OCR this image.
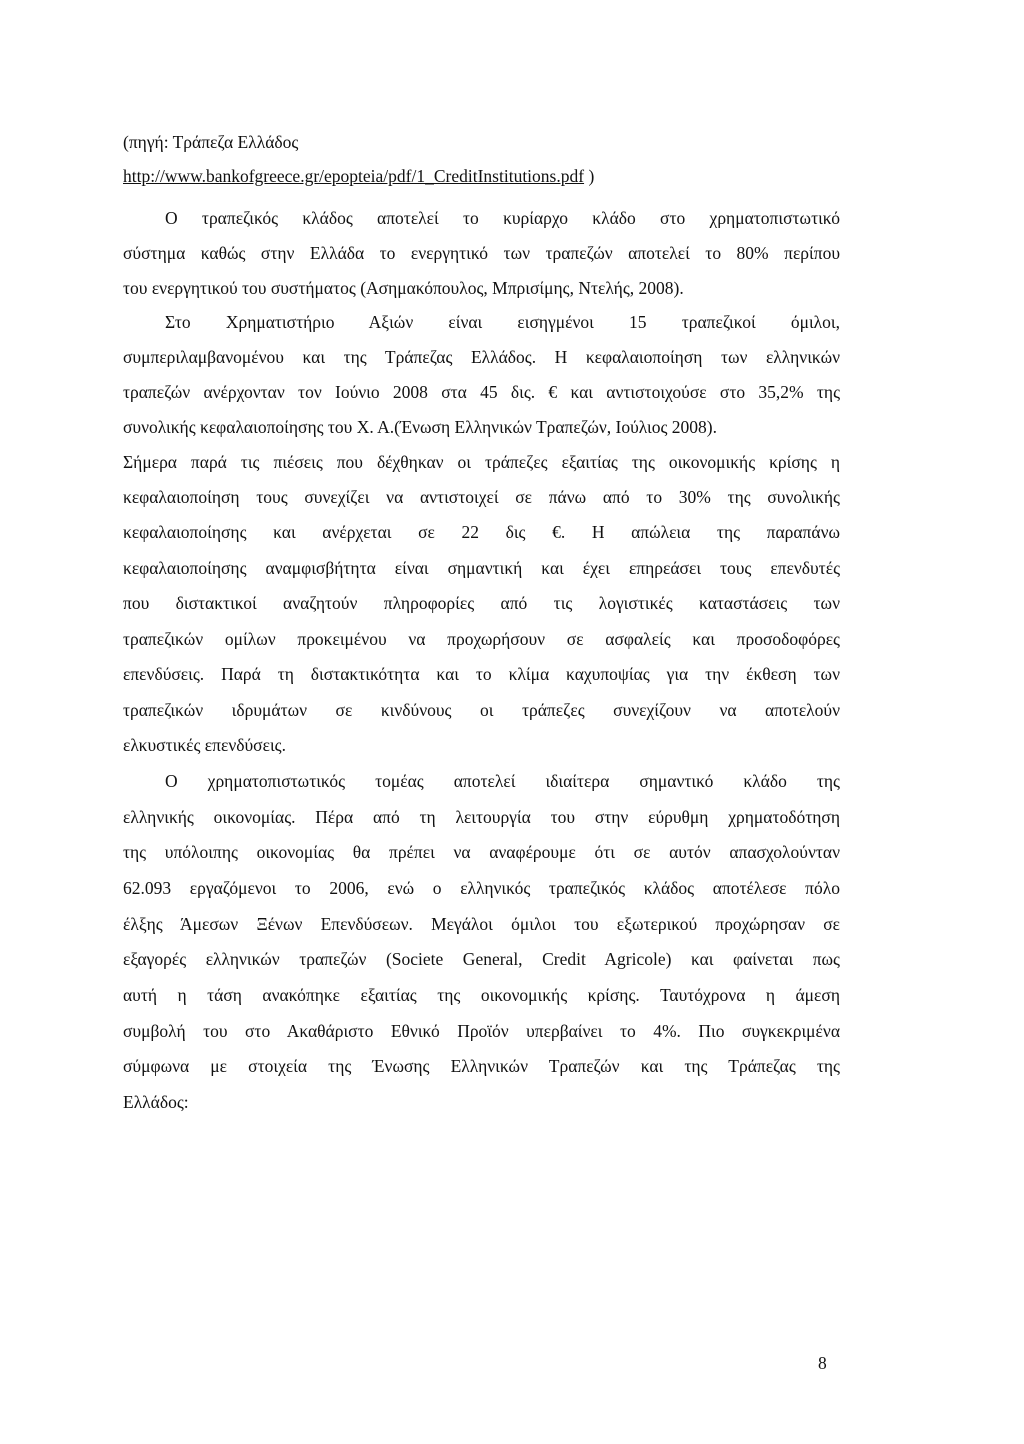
(πηγή: Τράπεζα Ελλάδος
http://www.bankofgreece.gr/epopteia/pdf/1_CreditInstitutions.pdf )
Ο τραπεζικός κλάδος αποτελεί το κυρίαρχο κλάδο στο χρηματοπιστωτικό
σύστημα καθώς στην Ελλάδα το ενεργητικό των τραπεζών αποτελεί το 80% περίπου
του ενεργητικού του συστήματος (Ασημακόπουλος, Μπρισίμης, Ντελής, 2008).
Στο Χρηματιστήριο Αξιών είναι εισηγμένοι 15 τραπεζικοί όμιλοι,
συμπεριλαμβανομένου και της Τράπεζας Ελλάδος. Η κεφαλαιοποίηση των ελληνικών
τραπεζών ανέρχονταν τον Ιούνιο 2008 στα 45 δις. € και αντιστοιχούσε στο 35,2% της
συνολικής κεφαλαιοποίησης του Χ. Α.(Ένωση Ελληνικών Τραπεζών, Ιούλιος 2008).
Σήμερα παρά τις πιέσεις που δέχθηκαν οι τράπεζες εξαιτίας της οικονομικής κρίσης η
κεφαλαιοποίηση τους συνεχίζει να αντιστοιχεί σε πάνω από το 30% της συνολικής
κεφαλαιοποίησης και ανέρχεται σε 22 δις €. Η απώλεια της παραπάνω
κεφαλαιοποίησης αναμφισβήτητα είναι σημαντική και έχει επηρεάσει τους επενδυτές
που διστακτικοί αναζητούν πληροφορίες από τις λογιστικές καταστάσεις των
τραπεζικών ομίλων προκειμένου να προχωρήσουν σε ασφαλείς και προσοδοφόρες
επενδύσεις. Παρά τη διστακτικότητα και το κλίμα καχυποψίας για την έκθεση των
τραπεζικών ιδρυμάτων σε κινδύνους οι τράπεζες συνεχίζουν να αποτελούν
ελκυστικές επενδύσεις.
Ο χρηματοπιστωτικός τομέας αποτελεί ιδιαίτερα σημαντικό κλάδο της
ελληνικής οικονομίας. Πέρα από τη λειτουργία του στην εύρυθμη χρηματοδότηση
της υπόλοιπης οικονομίας θα πρέπει να αναφέρουμε ότι σε αυτόν απασχολούνταν
62.093 εργαζόμενοι το 2006, ενώ ο ελληνικός τραπεζικός κλάδος αποτέλεσε πόλο
έλξης Άμεσων Ξένων Επενδύσεων. Μεγάλοι όμιλοι του εξωτερικού προχώρησαν σε
εξαγορές ελληνικών τραπεζών (Societe General, Credit Agricole) και φαίνεται πως
αυτή η τάση ανακόπηκε εξαιτίας της οικονομικής κρίσης. Ταυτόχρονα η άμεση
συμβολή του στο Ακαθάριστο Εθνικό Προϊόν υπερβαίνει το 4%. Πιο συγκεκριμένα
σύμφωνα με στοιχεία της Ένωσης Ελληνικών Τραπεζών και της Τράπεζας της
Ελλάδος:
8
